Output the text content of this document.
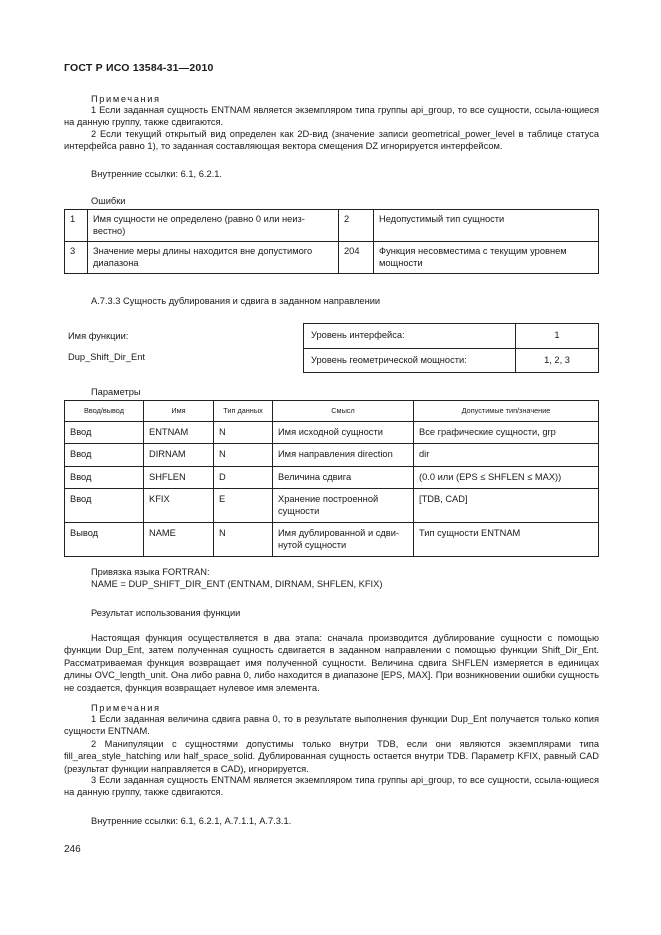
ГОСТ Р ИСО 13584-31—2010
Примечания
1 Если заданная сущность ENTNAM является экземпляром типа группы api_group, то все сущности, ссыла-ющиеся на данную группу, также сдвигаются.
2 Если текущий открытый вид определен как 2D-вид (значение записи geometrical_power_level в таблице статуса интерфейса равно 1), то заданная составляющая вектора смещения DZ игнорируется интерфейсом.
Внутренние ссылки: 6.1, 6.2.1.
Ошибки
1	Имя сущности не определено (равно 0 или неиз-вестно)	2	Недопустимый тип сущности
3	Значение меры длины находится вне допустимого диапазона	204	Функция несовместима с текущим уровнем мощности
А.7.3.3 Сущность дублирования и сдвига в заданном направлении
Имя функции:
Dup_Shift_Dir_Ent
Уровень интерфейса:	1
Уровень геометрической мощности:	1, 2, 3
Параметры
Ввод/вывод	Имя	Тип данных	Смысл	Допустимые тип/значение
Ввод	ENTNAM	N	Имя исходной сущности	Все графические сущности, grp
Ввод	DIRNAM	N	Имя направления direction	dir
Ввод	SHFLEN	D	Величина сдвига	(0.0 или (EPS ≤ SHFLEN ≤ MAX))
Ввод	KFIX	E	Хранение построенной сущности	[TDB, CAD]
Вывод	NAME	N	Имя дублированной и сдви-нутой сущности	Тип сущности ENTNAM
Привязка языка FORTRAN:
NAME = DUP_SHIFT_DIR_ENT (ENTNAM, DIRNAM, SHFLEN, KFIX)
Результат использования функции
Настоящая функция осуществляется в два этапа: сначала производится дублирование сущности с помощью функции Dup_Ent, затем полученная сущность сдвигается в заданном направлении с помощью функции Shift_Dir_Ent. Рассматриваемая функция возвращает имя полученной сущности. Величина сдвига SHFLEN измеряется в единицах длины OVC_length_unit. Она либо равна 0, либо находится в диапазоне [EPS, MAX]. При возникновении ошибки сущность не создается, функция возвращает нулевое имя элемента.
Примечания
1 Если заданная величина сдвига равна 0, то в результате выполнения функции Dup_Ent получается только копия сущности ENTNAM.
2 Манипуляции с сущностями допустимы только внутри TDB, если они являются экземплярами типа fill_area_style_hatching или half_space_solid. Дублированная сущность остается внутри TDB. Параметр KFIX, равный CAD (результат функции направляется в CAD), игнорируется.
3 Если заданная сущность ENTNAM является экземпляром типа группы api_group, то все сущности, ссыла-ющиеся на данную группу, также сдвигаются.
Внутренние ссылки: 6.1, 6.2.1, А.7.1.1, А.7.3.1.
246
